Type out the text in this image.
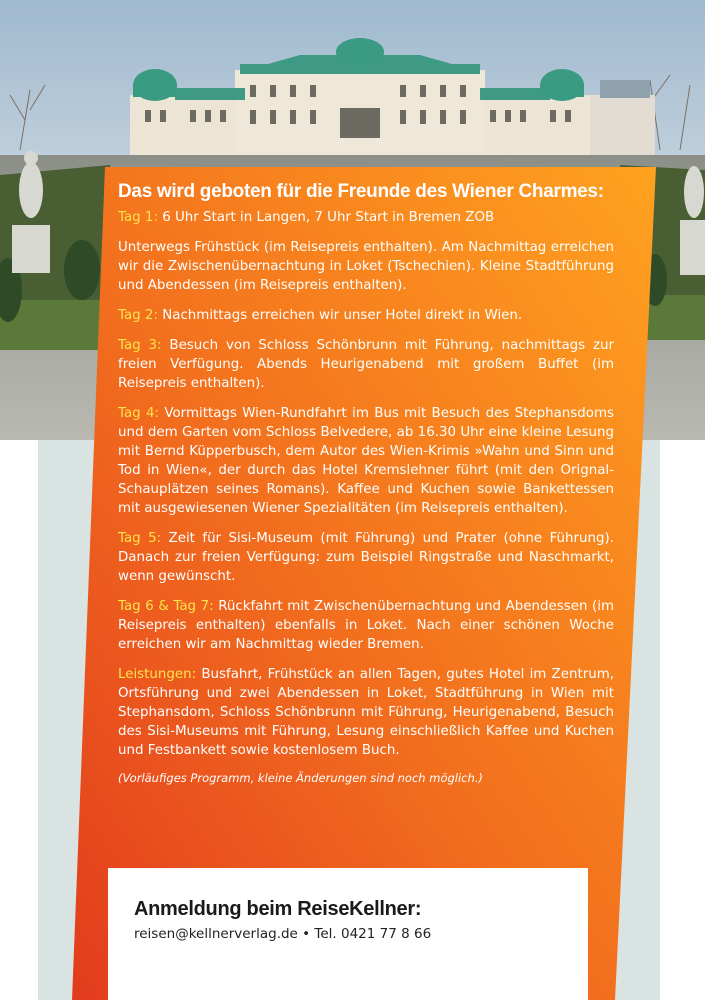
Das wird geboten für die Freunde des Wiener Charmes:
Tag 1: 6 Uhr Start in Langen, 7 Uhr Start in Bremen ZOB
Unterwegs Frühstück (im Reisepreis enthalten). Am Nachmittag erreichen wir die Zwischenübernachtung in Loket (Tschechien). Kleine Stadtführung und Abendessen (im Reisepreis enthalten).
Tag 2: Nachmittags erreichen wir unser Hotel direkt in Wien.
Tag 3: Besuch von Schloss Schönbrunn mit Führung, nachmittags zur freien Verfügung. Abends Heurigenabend mit großem Buffet (im Reisepreis enthalten).
Tag 4: Vormittags Wien-Rundfahrt im Bus mit Besuch des Stephansdoms und dem Garten vom Schloss Belvedere, ab 16.30 Uhr eine kleine Lesung mit Bernd Küpperbusch, dem Autor des Wien-Krimis »Wahn und Sinn und Tod in Wien«, der durch das Hotel Kremslehner führt (mit den Orignal-Schauplätzen seines Romans). Kaffee und Kuchen sowie Bankettessen mit ausgewiesenen Wiener Spezialitäten (im Reisepreis enthalten).
Tag 5: Zeit für Sisi-Museum (mit Führung) und Prater (ohne Führung). Danach zur freien Verfügung: zum Beispiel Ringstraße und Naschmarkt, wenn gewünscht.
Tag 6 & Tag 7: Rückfahrt mit Zwischenübernachtung und Abendessen (im Reisepreis enthalten) ebenfalls in Loket. Nach einer schönen Woche erreichen wir am Nachmittag wieder Bremen.
Leistungen: Busfahrt, Frühstück an allen Tagen, gutes Hotel im Zentrum, Ortsführung und zwei Abendessen in Loket, Stadtführung in Wien mit Stephansdom, Schloss Schönbrunn mit Führung, Heurigenabend, Besuch des Sisi-Museums mit Führung, Lesung einschließlich Kaffee und Kuchen und Festbankett sowie kostenlosem Buch.
(Vorläufiges Programm, kleine Änderungen sind noch möglich.)
Anmeldung beim ReiseKellner:
reisen@kellnerverlag.de • Tel. 0421 77 8 66
